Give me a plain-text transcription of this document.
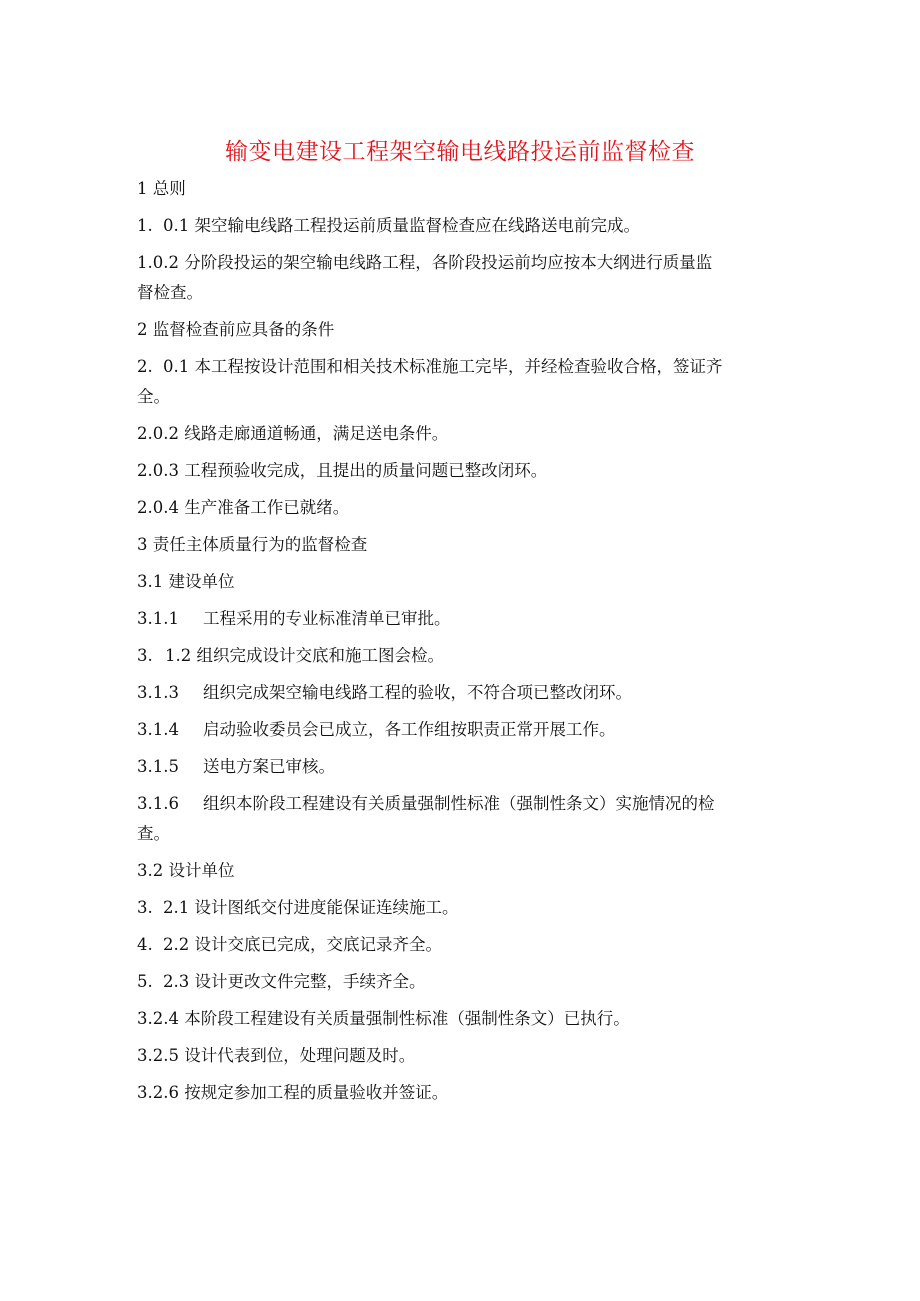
输变电建设工程架空输电线路投运前监督检查
1 总则
1. 0.1 架空输电线路工程投运前质量监督检查应在线路送电前完成。
1.0.2 分阶段投运的架空输电线路工程，各阶段投运前均应按本大纲进行质量监
督检查。
2 监督检查前应具备的条件
2. 0.1 本工程按设计范围和相关技术标准施工完毕，并经检查验收合格，签证齐
全。
2.0.2 线路走廊通道畅通，满足送电条件。
2.0.3 工程预验收完成，且提出的质量问题已整改闭环。
2.0.4 生产准备工作已就绪。
3 责任主体质量行为的监督检查
3.1 建设单位
3.1.1 工程采用的专业标准清单已审批。
3. 1.2 组织完成设计交底和施工图会检。
3.1.3 组织完成架空输电线路工程的验收，不符合项已整改闭环。
3.1.4 启动验收委员会已成立，各工作组按职责正常开展工作。
3.1.5 送电方案已审核。
3.1.6 组织本阶段工程建设有关质量强制性标准（强制性条文）实施情况的检
查。
3.2 设计单位
3. 2.1 设计图纸交付进度能保证连续施工。
4. 2.2 设计交底已完成，交底记录齐全。
5. 2.3 设计更改文件完整，手续齐全。
3.2.4 本阶段工程建设有关质量强制性标准（强制性条文）已执行。
3.2.5 设计代表到位，处理问题及时。
3.2.6 按规定参加工程的质量验收并签证。
